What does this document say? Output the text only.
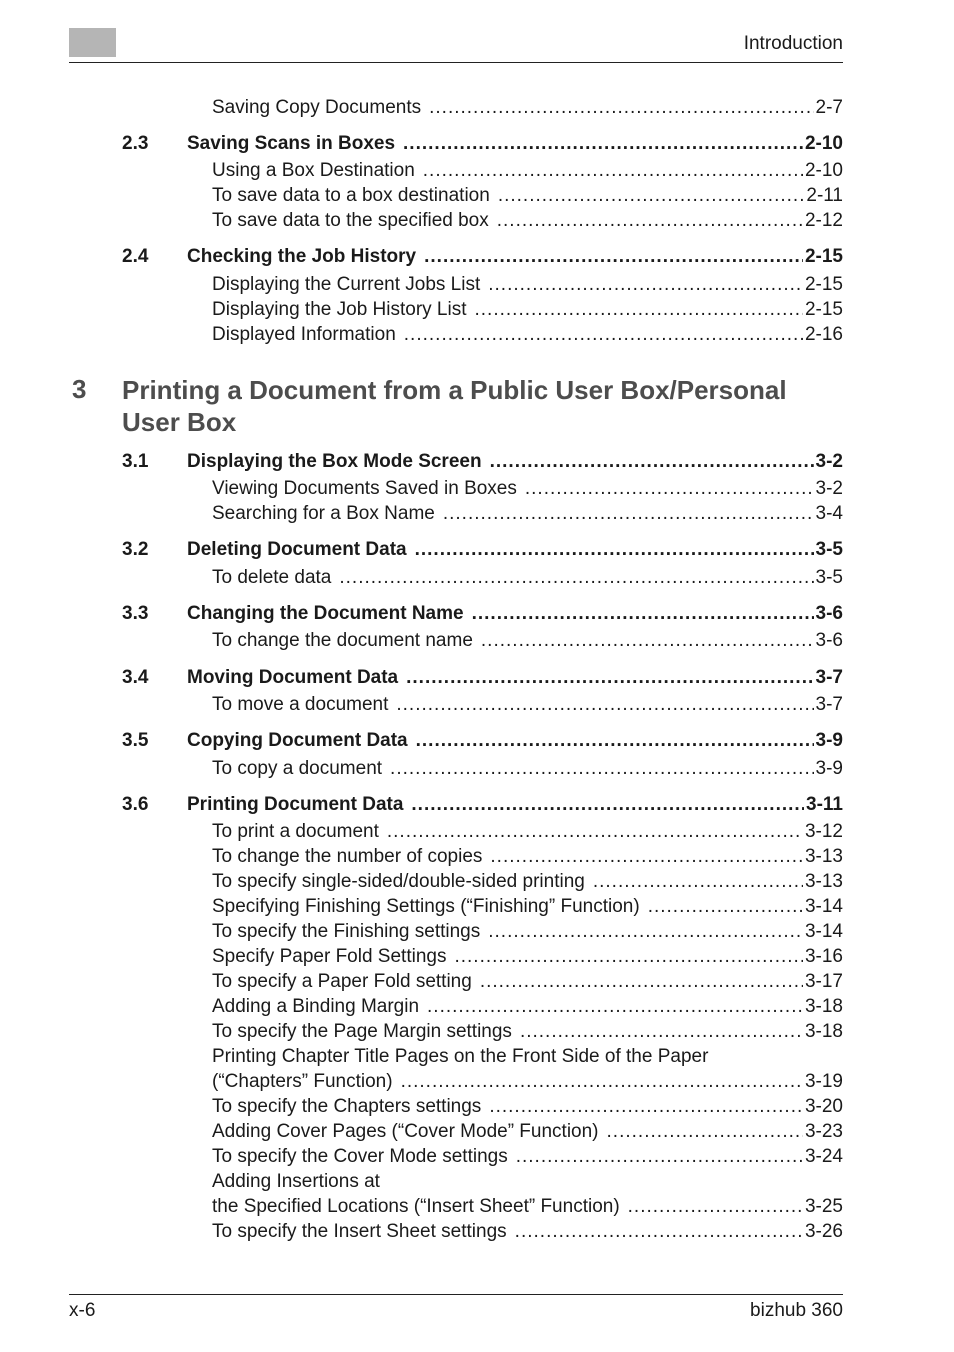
Introduction
Saving Copy Documents .....	2-7
2.3	Saving Scans in Boxes .....	2-10
Using a Box Destination .....	2-10
To save data to a box destination .....	2-11
To save data to the specified box .....	2-12
2.4	Checking the Job History .....	2-15
Displaying the Current Jobs List .....	2-15
Displaying the Job History List .....	2-15
Displayed Information .....	2-16
3 Printing a Document from a Public User Box/Personal User Box
3.1	Displaying the Box Mode Screen .....	3-2
Viewing Documents Saved in Boxes .....	3-2
Searching for a Box Name .....	3-4
3.2	Deleting Document Data .....	3-5
To delete data .....	3-5
3.3	Changing the Document Name .....	3-6
To change the document name .....	3-6
3.4	Moving Document Data .....	3-7
To move a document .....	3-7
3.5	Copying Document Data .....	3-9
To copy a document .....	3-9
3.6	Printing Document Data .....	3-11
To print a document .....	3-12
To change the number of copies .....	3-13
To specify single-sided/double-sided printing .....	3-13
Specifying Finishing Settings (“Finishing” Function) .....	3-14
To specify the Finishing settings .....	3-14
Specify Paper Fold Settings .....	3-16
To specify a Paper Fold setting .....	3-17
Adding a Binding Margin .....	3-18
To specify the Page Margin settings .....	3-18
Printing Chapter Title Pages on the Front Side of the Paper
(“Chapters” Function) .....	3-19
To specify the Chapters settings .....	3-20
Adding Cover Pages (“Cover Mode” Function) .....	3-23
To specify the Cover Mode settings .....	3-24
Adding Insertions at
the Specified Locations (“Insert Sheet” Function) .....	3-25
To specify the Insert Sheet settings .....	3-26
x-6	bizhub 360
